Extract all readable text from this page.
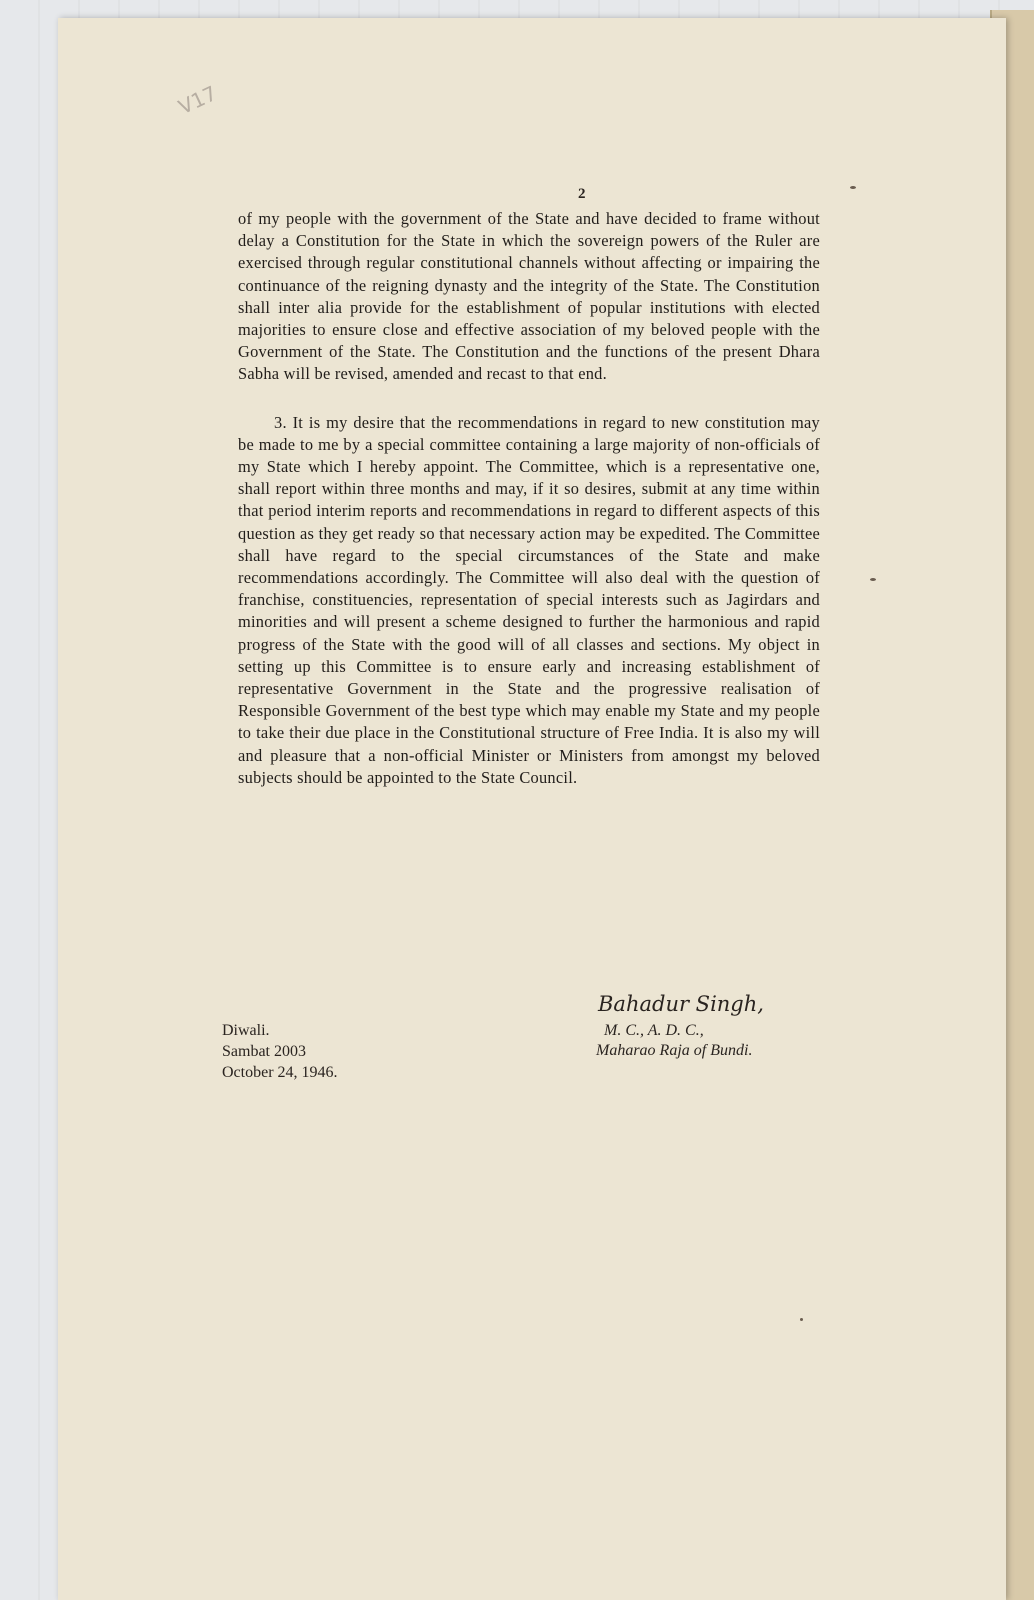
V17
2

of my people with the government of the State and have decided to frame without delay a Constitution for the State in which the sovereign powers of the Ruler are exercised through regular constitutional channels without affecting or impairing the continuance of the reigning dynasty and the integrity of the State. The Constitution shall inter alia provide for the establishment of popular institutions with elected majorities to ensure close and effective association of my beloved people with the Government of the State. The Constitution and the functions of the present Dhara Sabha will be revised, amended and recast to that end.

3. It is my desire that the recommendations in regard to new constitution may be made to me by a special committee containing a large majority of non-officials of my State which I hereby appoint. The Committee, which is a representative one, shall report within three months and may, if it so desires, submit at any time within that period interim reports and recommendations in regard to different aspects of this question as they get ready so that necessary action may be expedited. The Committee shall have regard to the special circumstances of the State and make recommendations accordingly. The Committee will also deal with the question of franchise, constituencies, representation of special interests such as Jagirdars and minorities and will present a scheme designed to further the harmonious and rapid progress of the State with the good will of all classes and sections. My object in setting up this Committee is to ensure early and increasing establishment of representative Government in the State and the progressive realisation of Responsible Government of the best type which may enable my State and my people to take their due place in the Constitutional structure of Free India. It is also my will and pleasure that a non-official Minister or Ministers from amongst my beloved subjects should be appointed to the State Council.

Bahadur Singh,
M. C., A. D. C.,
Maharao Raja of Bundi.
Diwali.
Sambat 2003
October 24, 1946.
